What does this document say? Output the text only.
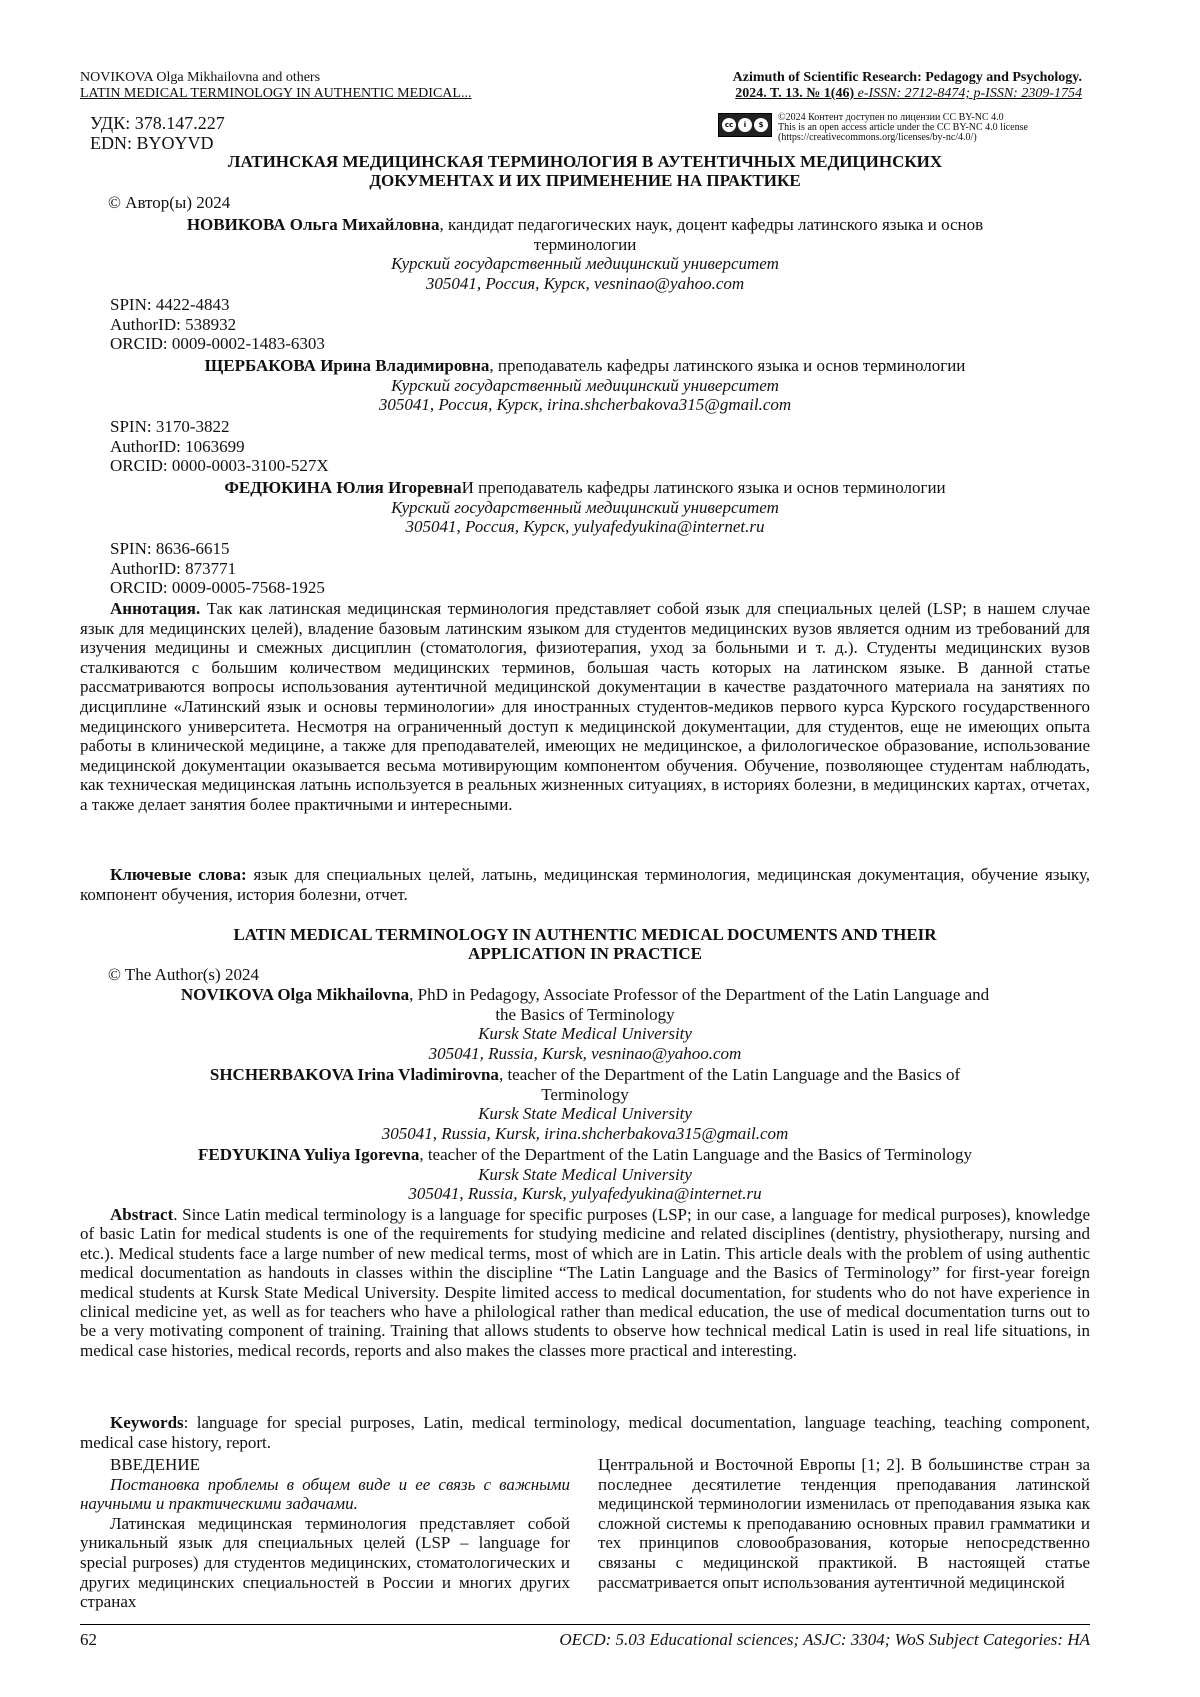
NOVIKOVA Olga Mikhailovna and others
LATIN MEDICAL TERMINOLOGY IN AUTHENTIC MEDICAL...
Azimuth of Scientific Research: Pedagogy and Psychology.
2024. T. 13. № 1(46) e-ISSN: 2712-8474; p-ISSN: 2309-1754
УДК: 378.147.227
EDN: BYOYVD
cc	i	$
©2024 Контент доступен по лицензии CC BY-NC 4.0
This is an open access article under the CC BY-NC 4.0 license
(https://creativecommons.org/licenses/by-nc/4.0/)
ЛАТИНСКАЯ МЕДИЦИНСКАЯ ТЕРМИНОЛОГИЯ В АУТЕНТИЧНЫХ МЕДИЦИНСКИХ
ДОКУМЕНТАХ И ИХ ПРИМЕНЕНИЕ НА ПРАКТИКЕ
© Автор(ы) 2024
НОВИКОВА Ольга Михайловна, кандидат педагогических наук, доцент кафедры латинского языка и основ
терминологии
Курский государственный медицинский университет
305041, Россия, Курск, vesninao@yahoo.com
SPIN: 4422-4843
AuthorID: 538932
ORCID: 0009-0002-1483-6303
ЩЕРБАКОВА Ирина Владимировна, преподаватель кафедры латинского языка и основ терминологии
Курский государственный медицинский университет
305041, Россия, Курск, irina.shcherbakova315@gmail.com
SPIN: 3170-3822
AuthorID: 1063699
ORCID: 0000-0003-3100-527X
ФЕДЮКИНА Юлия ИгоревнаИ преподаватель кафедры латинского языка и основ терминологии
Курский государственный медицинский университет
305041, Россия, Курск, yulyafedyukina@internet.ru
SPIN: 8636-6615
AuthorID: 873771
ORCID: 0009-0005-7568-1925
Аннотация. Так как латинская медицинская терминология представляет собой язык для специальных целей (LSP; в нашем случае язык для медицинских целей), владение базовым латинским языком для студентов медицинских вузов является одним из требований для изучения медицины и смежных дисциплин (стоматология, физиотерапия, уход за больными и т. д.). Студенты медицинских вузов сталкиваются с большим количеством медицинских терминов, большая часть которых на латинском языке. В данной статье рассматриваются вопросы использования аутентичной медицинской документации в качестве раздаточного материала на занятиях по дисциплине «Латинский язык и основы терминологии» для иностранных студентов-медиков первого курса Курского государственного медицинского университета. Несмотря на ограниченный доступ к медицинской документации, для студентов, еще не имеющих опыта работы в клинической медицине, а также для преподавателей, имеющих не медицинское, а филологическое образование, использование медицинской документации оказывается весьма мотивирующим компонентом обучения. Обучение, позволяющее студентам наблюдать, как техническая медицинская латынь используется в реальных жизненных ситуациях, в историях болезни, в медицинских картах, отчетах, а также делает занятия более практичными и интересными.
Ключевые слова: язык для специальных целей, латынь, медицинская терминология, медицинская документация, обучение языку, компонент обучения, история болезни, отчет.
LATIN MEDICAL TERMINOLOGY IN AUTHENTIC MEDICAL DOCUMENTS AND THEIR
APPLICATION IN PRACTICE
© The Author(s) 2024
NOVIKOVA Olga Mikhailovna, PhD in Pedagogy, Associate Professor of the Department of the Latin Language and
the Basics of Terminology
Kursk State Medical University
305041, Russia, Kursk, vesninao@yahoo.com
SHCHERBAKOVA Irina Vladimirovna, teacher of the Department of the Latin Language and the Basics of
Terminology
Kursk State Medical University
305041, Russia, Kursk, irina.shcherbakova315@gmail.com
FEDYUKINA Yuliya Igorevna, teacher of the Department of the Latin Language and the Basics of Terminology
Kursk State Medical University
305041, Russia, Kursk, yulyafedyukina@internet.ru
Abstract. Since Latin medical terminology is a language for specific purposes (LSP; in our case, a language for medical purposes), knowledge of basic Latin for medical students is one of the requirements for studying medicine and related disciplines (dentistry, physiotherapy, nursing and etc.). Medical students face a large number of new medical terms, most of which are in Latin. This article deals with the problem of using authentic medical documentation as handouts in classes within the discipline “The Latin Language and the Basics of Terminology” for first-year foreign medical students at Kursk State Medical University. Despite limited access to medical documentation, for students who do not have experience in clinical medicine yet, as well as for teachers who have a philological rather than medical education, the use of medical documentation turns out to be a very motivating component of training. Training that allows students to observe how technical medical Latin is used in real life situations, in medical case histories, medical records, reports and also makes the classes more practical and interesting.
Keywords: language for special purposes, Latin, medical terminology, medical documentation, language teaching, teaching component, medical case history, report.
ВВЕДЕНИЕ
Постановка проблемы в общем виде и ее связь с важными научными и практическими задачами.
Латинская медицинская терминология представляет собой уникальный язык для специальных целей (LSP – language for special purposes) для студентов медицинских, стоматологических и других медицинских специальностей в России и многих других странах
Центральной и Восточной Европы [1; 2]. В большинстве стран за последнее десятилетие тенденция преподавания латинской медицинской терминологии изменилась от преподавания языка как сложной системы к преподаванию основных правил грамматики и тех принципов словообразования, которые непосредственно связаны с медицинской практикой. В настоящей статье рассматривается опыт использования аутентичной медицинской
62	OECD: 5.03 Educational sciences; ASJC: 3304; WoS Subject Categories: HA
